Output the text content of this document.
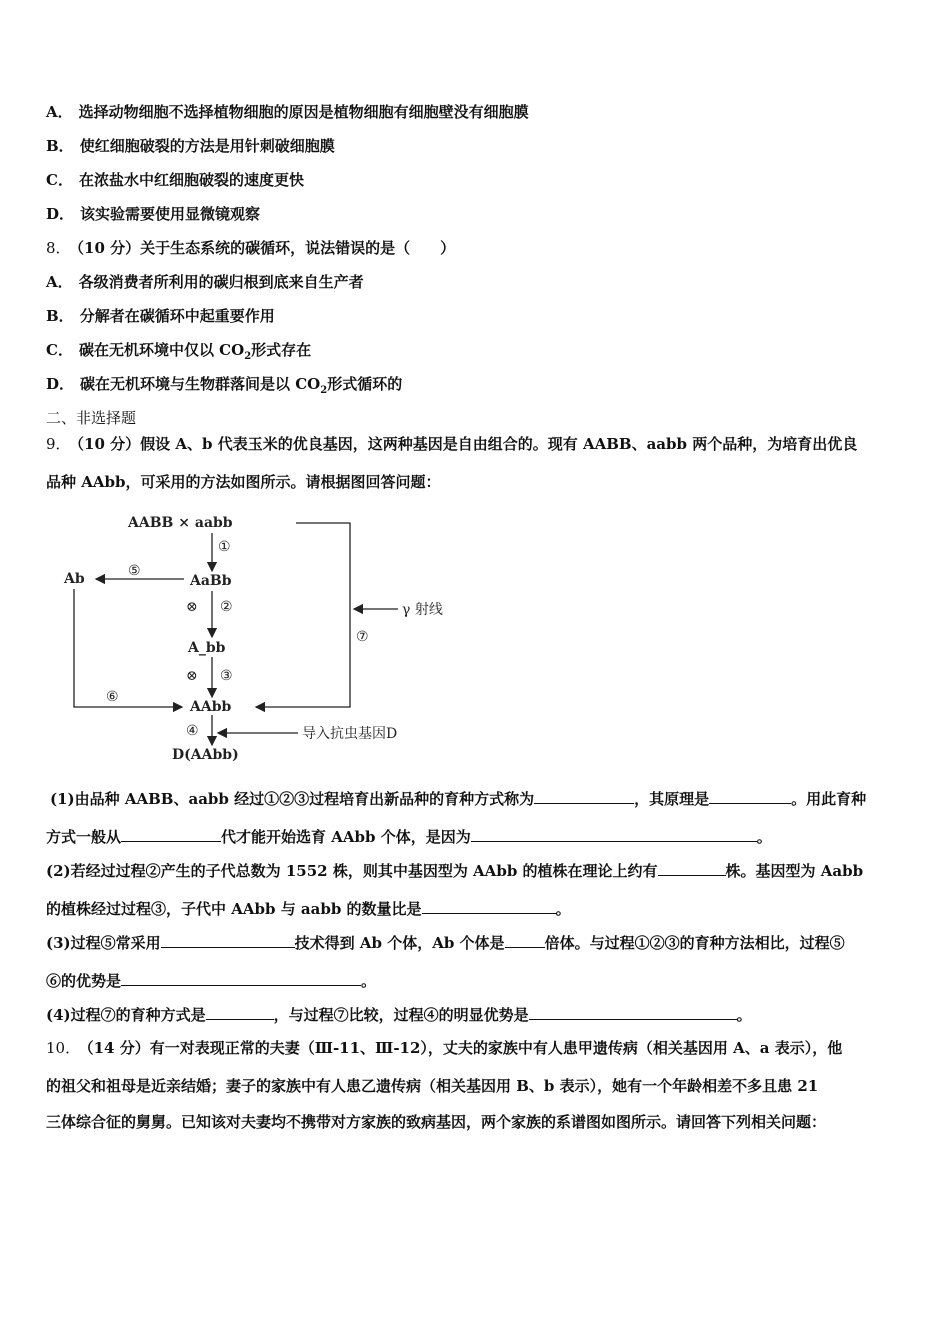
A． 选择动物细胞不选择植物细胞的原因是植物细胞有细胞壁没有细胞膜
B． 使红细胞破裂的方法是用针刺破细胞膜
C． 在浓盐水中红细胞破裂的速度更快
D． 该实验需要使用显微镜观察
8． （10 分）关于生态系统的碳循环，说法错误的是（　　）
A． 各级消费者所利用的碳归根到底来自生产者
B． 分解者在碳循环中起重要作用
C． 碳在无机环境中仅以 $CO_2$形式存在
D． 碳在无机环境与生物群落间是以 $CO_2$形式循环的
二、非选择题
9． （10 分）假设 A、b 代表玉米的优良基因，这两种基因是自由组合的。现有 AABB、aabb 两个品种，为培育出优良
品种 AAbb，可采用的方法如图所示。请根据图回答问题：
AABB × aabb
AaBb
A_bb
AAbb
D(AAbb)
Ab
①
⊗ ②
⊗ ③
④
⑤
⑥
⑦
γ 射线
导入抗虫基因D
(1)由品种 AABB、aabb 经过①②③过程培育出新品种的育种方式称为	，其原理是	。用此育种
方式一般从	代才能开始选育 AAbb 个体，是因为	。
(2)若经过过程②产生的子代总数为 1552 株，则其中基因型为 AAbb 的植株在理论上约有	株。基因型为 Aabb
的植株经过过程③，子代中 AAbb 与 aabb 的数量比是	。
(3)过程⑤常采用	技术得到 Ab 个体，Ab 个体是	倍体。与过程①②③的育种方法相比，过程⑤
⑥的优势是	。
(4)过程⑦的育种方式是	，与过程⑦比较，过程④的明显优势是	。
10． （14 分）有一对表现正常的夫妻（Ⅲ-11、Ⅲ-12），丈夫的家族中有人患甲遗传病（相关基因用 A、a 表示），他
的祖父和祖母是近亲结婚；妻子的家族中有人患乙遗传病（相关基因用 B、b 表示），她有一个年龄相差不多且患 21
三体综合征的舅舅。已知该对夫妻均不携带对方家族的致病基因，两个家族的系谱图如图所示。请回答下列相关问题：
